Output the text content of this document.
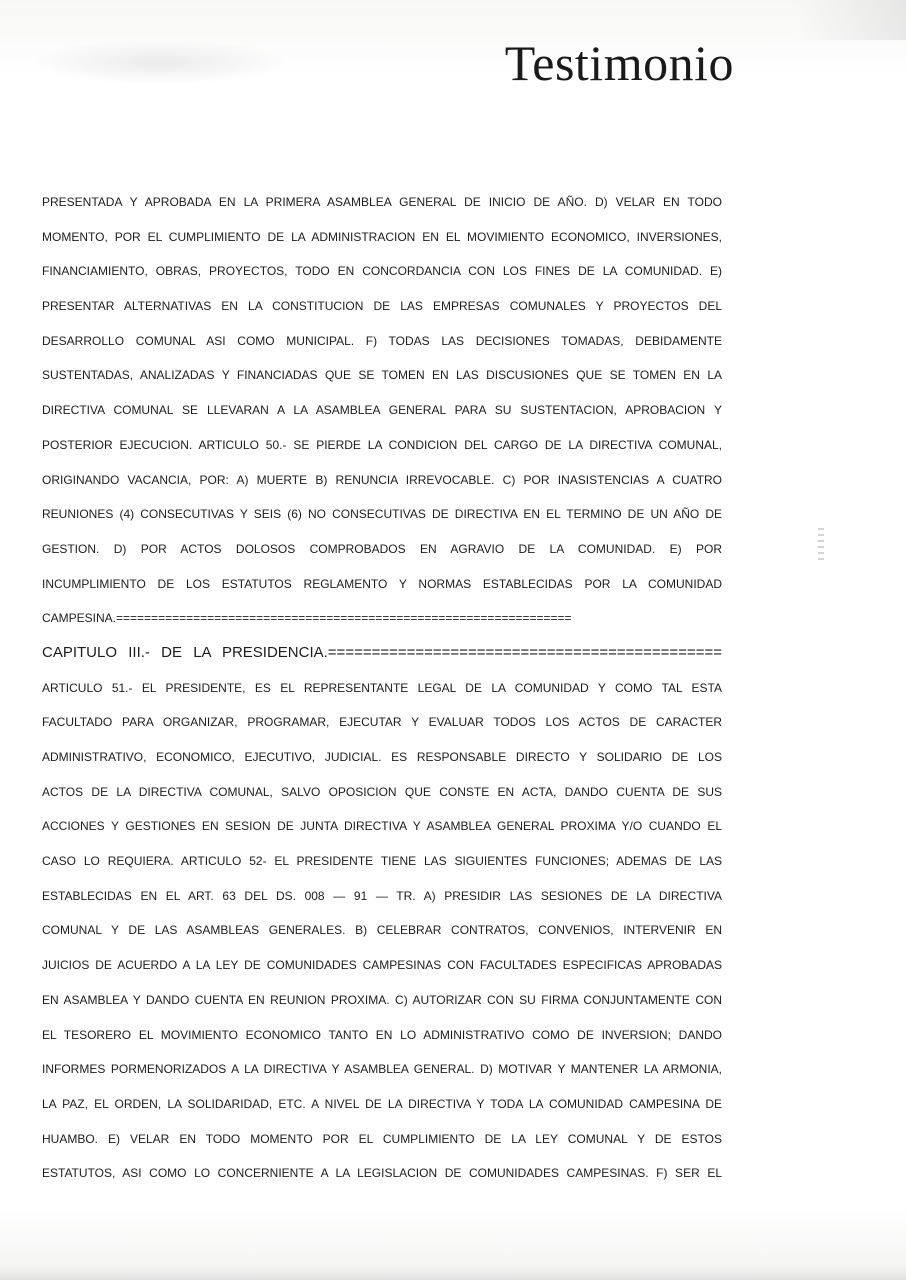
Testimonio
PRESENTADA Y APROBADA EN LA PRIMERA ASAMBLEA GENERAL DE INICIO DE AÑO. D) VELAR EN TODO
MOMENTO, POR EL CUMPLIMIENTO DE LA ADMINISTRACION EN EL MOVIMIENTO ECONOMICO, INVERSIONES,
FINANCIAMIENTO, OBRAS, PROYECTOS, TODO EN CONCORDANCIA CON LOS FINES DE LA COMUNIDAD. E)
PRESENTAR ALTERNATIVAS EN LA CONSTITUCION DE LAS EMPRESAS COMUNALES Y PROYECTOS DEL
DESARROLLO COMUNAL ASI COMO MUNICIPAL. F) TODAS LAS DECISIONES TOMADAS, DEBIDAMENTE
SUSTENTADAS, ANALIZADAS Y FINANCIADAS QUE SE TOMEN EN LAS DISCUSIONES QUE SE TOMEN EN LA
DIRECTIVA COMUNAL SE LLEVARAN A LA ASAMBLEA GENERAL PARA SU SUSTENTACION, APROBACION Y
POSTERIOR EJECUCION. ARTICULO 50.- SE PIERDE LA CONDICION DEL CARGO DE LA DIRECTIVA COMUNAL,
ORIGINANDO VACANCIA, POR: A) MUERTE B) RENUNCIA IRREVOCABLE. C) POR INASISTENCIAS A CUATRO
REUNIONES (4) CONSECUTIVAS Y SEIS (6) NO CONSECUTIVAS DE DIRECTIVA EN EL TERMINO DE UN AÑO DE
GESTION. D) POR ACTOS DOLOSOS COMPROBADOS EN AGRAVIO DE LA COMUNIDAD. E) POR
INCUMPLIMIENTO DE LOS ESTATUTOS REGLAMENTO Y NORMAS ESTABLECIDAS POR LA COMUNIDAD
CAMPESINA.=================================================================
CAPITULO III.- DE LA PRESIDENCIA.=============================================
ARTICULO 51.- EL PRESIDENTE, ES EL REPRESENTANTE LEGAL DE LA COMUNIDAD Y COMO TAL ESTA
FACULTADO PARA ORGANIZAR, PROGRAMAR, EJECUTAR Y EVALUAR TODOS LOS ACTOS DE CARACTER
ADMINISTRATIVO, ECONOMICO, EJECUTIVO, JUDICIAL. ES RESPONSABLE DIRECTO Y SOLIDARIO DE LOS
ACTOS DE LA DIRECTIVA COMUNAL, SALVO OPOSICION QUE CONSTE EN ACTA, DANDO CUENTA DE SUS
ACCIONES Y GESTIONES EN SESION DE JUNTA DIRECTIVA Y ASAMBLEA GENERAL PROXIMA Y/O CUANDO EL
CASO LO REQUIERA. ARTICULO 52- EL PRESIDENTE TIENE LAS SIGUIENTES FUNCIONES; ADEMAS DE LAS
ESTABLECIDAS EN EL ART. 63 DEL DS. 008 — 91 — TR. A) PRESIDIR LAS SESIONES DE LA DIRECTIVA
COMUNAL Y DE LAS ASAMBLEAS GENERALES. B) CELEBRAR CONTRATOS, CONVENIOS, INTERVENIR EN
JUICIOS DE ACUERDO A LA LEY DE COMUNIDADES CAMPESINAS CON FACULTADES ESPECIFICAS APROBADAS
EN ASAMBLEA Y DANDO CUENTA EN REUNION PROXIMA. C) AUTORIZAR CON SU FIRMA CONJUNTAMENTE CON
EL TESORERO EL MOVIMIENTO ECONOMICO TANTO EN LO ADMINISTRATIVO COMO DE INVERSION; DANDO
INFORMES PORMENORIZADOS A LA DIRECTIVA Y ASAMBLEA GENERAL. D) MOTIVAR Y MANTENER LA ARMONIA,
LA PAZ, EL ORDEN, LA SOLIDARIDAD, ETC. A NIVEL DE LA DIRECTIVA Y TODA LA COMUNIDAD CAMPESINA DE
HUAMBO. E) VELAR EN TODO MOMENTO POR EL CUMPLIMIENTO DE LA LEY COMUNAL Y DE ESTOS
ESTATUTOS, ASI COMO LO CONCERNIENTE A LA LEGISLACION DE COMUNIDADES CAMPESINAS. F) SER EL
